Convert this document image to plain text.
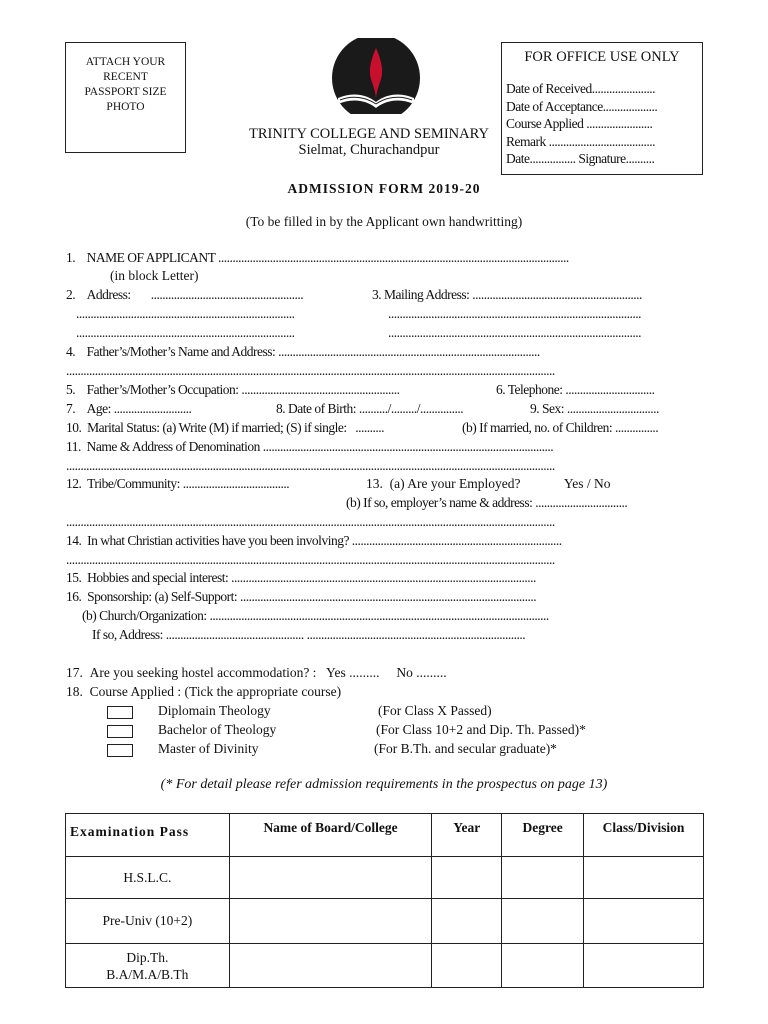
ATTACH YOUR
RECENT
PASSPORT SIZE
PHOTO
TRINITY COLLEGE AND SEMINARY
Sielmat, Churachandpur
FOR OFFICE USE ONLY
Date of Received......................
Date of Acceptance...................
Course Applied .......................
Remark .....................................
Date................ Signature..........
ADMISSION FORM 2019-20
(To be filled in by the Applicant own handwritting)
1.    NAME OF APPLICANT ..........................................................................................................................
(in block Letter)
2.    Address:       .....................................................	3. Mailing Address: ...........................................................
............................................................................	........................................................................................
............................................................................	........................................................................................
4.    Father’s/Mother’s Name and Address: ...........................................................................................
..........................................................................................................................................................................
5.    Father’s/Mother’s Occupation: .......................................................	6. Telephone: ...............................
7.    Age: ...........................	8. Date of Birth: ........../........./...............	9. Sex: ................................
10.  Marital Status: (a) Write (M) if married; (S) if single:   ..........	(b) If married, no. of Children: ...............
11.  Name & Address of Denomination .....................................................................................................
..........................................................................................................................................................................
12.  Tribe/Community: .....................................	13.  (a) Are your Employed?             Yes / No
(b) If so, employer’s name & address: ................................
..........................................................................................................................................................................
14.  In what Christian activities have you been involving? .........................................................................
..........................................................................................................................................................................
15.  Hobbies and special interest: ..........................................................................................................
16.  Sponsorship: (a) Self-Support: .......................................................................................................
(b) Church/Organization: ......................................................................................................................
If so, Address: ................................................ ............................................................................
17.  Are you seeking hostel accommodation? :   Yes .........     No .........
18.  Course Applied : (Tick the appropriate course)
Diplomain Theology	(For Class X Passed)
Bachelor of Theology	(For Class 10+2 and Dip. Th. Passed)*
Master of Divinity	(For B.Th. and secular graduate)*
(* For detail please refer admission requirements in the prospectus on page 13)
Examination Pass	Name of Board/College	Year	Degree	Class/Division
H.S.L.C.				
Pre-Univ (10+2)				
Dip.Th.
B.A/M.A/B.Th				
